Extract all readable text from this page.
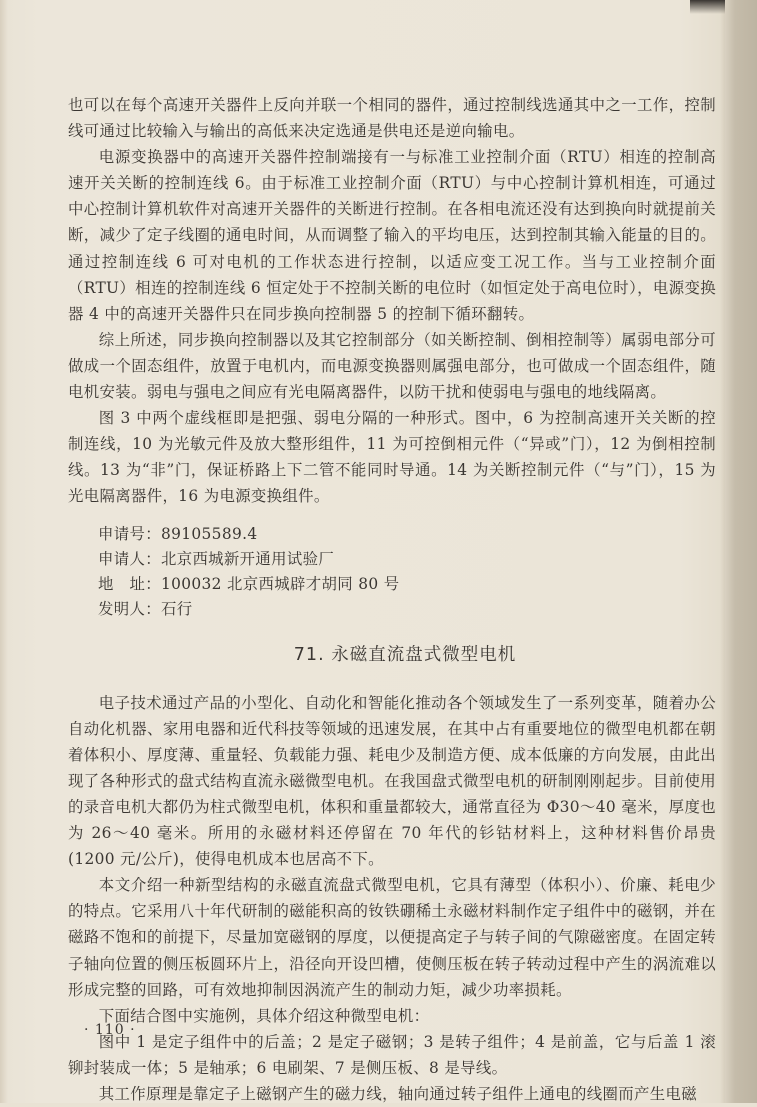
也可以在每个高速开关器件上反向并联一个相同的器件，通过控制线选通其中之一工作，控制线可通过比较输入与输出的高低来决定选通是供电还是逆向输电。

电源变换器中的高速开关器件控制端接有一与标准工业控制介面（RTU）相连的控制高速开关关断的控制连线 6。由于标准工业控制介面（RTU）与中心控制计算机相连，可通过中心控制计算机软件对高速开关器件的关断进行控制。在各相电流还没有达到换向时就提前关断，减少了定子线圈的通电时间，从而调整了输入的平均电压，达到控制其输入能量的目的。通过控制连线 6 可对电机的工作状态进行控制，以适应变工况工作。当与工业控制介面（RTU）相连的控制连线 6 恒定处于不控制关断的电位时（如恒定处于高电位时），电源变换器 4 中的高速开关器件只在同步换向控制器 5 的控制下循环翻转。

综上所述，同步换向控制器以及其它控制部分（如关断控制、倒相控制等）属弱电部分可做成一个固态组件，放置于电机内，而电源变换器则属强电部分，也可做成一个固态组件，随电机安装。弱电与强电之间应有光电隔离器件，以防干扰和使弱电与强电的地线隔离。

图 3 中两个虚线框即是把强、弱电分隔的一种形式。图中，6 为控制高速开关关断的控制连线，10 为光敏元件及放大整形组件，11 为可控倒相元件（“异或”门），12 为倒相控制线。13 为“非”门，保证桥路上下二管不能同时导通。14 为关断控制元件（“与”门），15 为光电隔离器件，16 为电源变换组件。

申请号：89105589.4
申请人：北京西城新开通用试验厂
地　址：100032 北京西城辟才胡同 80 号
发明人：石行
71. 永磁直流盘式微型电机

电子技术通过产品的小型化、自动化和智能化推动各个领域发生了一系列变革，随着办公自动化机器、家用电器和近代科技等领域的迅速发展，在其中占有重要地位的微型电机都在朝着体积小、厚度薄、重量轻、负载能力强、耗电少及制造方便、成本低廉的方向发展，由此出现了各种形式的盘式结构直流永磁微型电机。在我国盘式微型电机的研制刚刚起步。目前使用的录音电机大都仍为柱式微型电机，体积和重量都较大，通常直径为 Φ30～40 毫米，厚度也为 26～40 毫米。所用的永磁材料还停留在 70 年代的钐钴材料上，这种材料售价昂贵(1200 元/公斤)，使得电机成本也居高不下。

本文介绍一种新型结构的永磁直流盘式微型电机，它具有薄型（体积小）、价廉、耗电少的特点。它采用八十年代研制的磁能积高的钕铁硼稀土永磁材料制作定子组件中的磁钢，并在磁路不饱和的前提下，尽量加宽磁钢的厚度，以便提高定子与转子间的气隙磁密度。在固定转子轴向位置的侧压板圆环片上，沿径向开设凹槽，使侧压板在转子转动过程中产生的涡流难以形成完整的回路，可有效地抑制因涡流产生的制动力矩，减少功率损耗。

下面结合图中实施例，具体介绍这种微型电机：

图中 1 是定子组件中的后盖；2 是定子磁钢；3 是转子组件；4 是前盖，它与后盖 1 滚铆封装成一体；5 是轴承；6 电刷架、7 是侧压板、8 是导线。

其工作原理是靠定子上磁钢产生的磁力线，轴向通过转子组件上通电的线圈而产生电磁

· 110 ·
